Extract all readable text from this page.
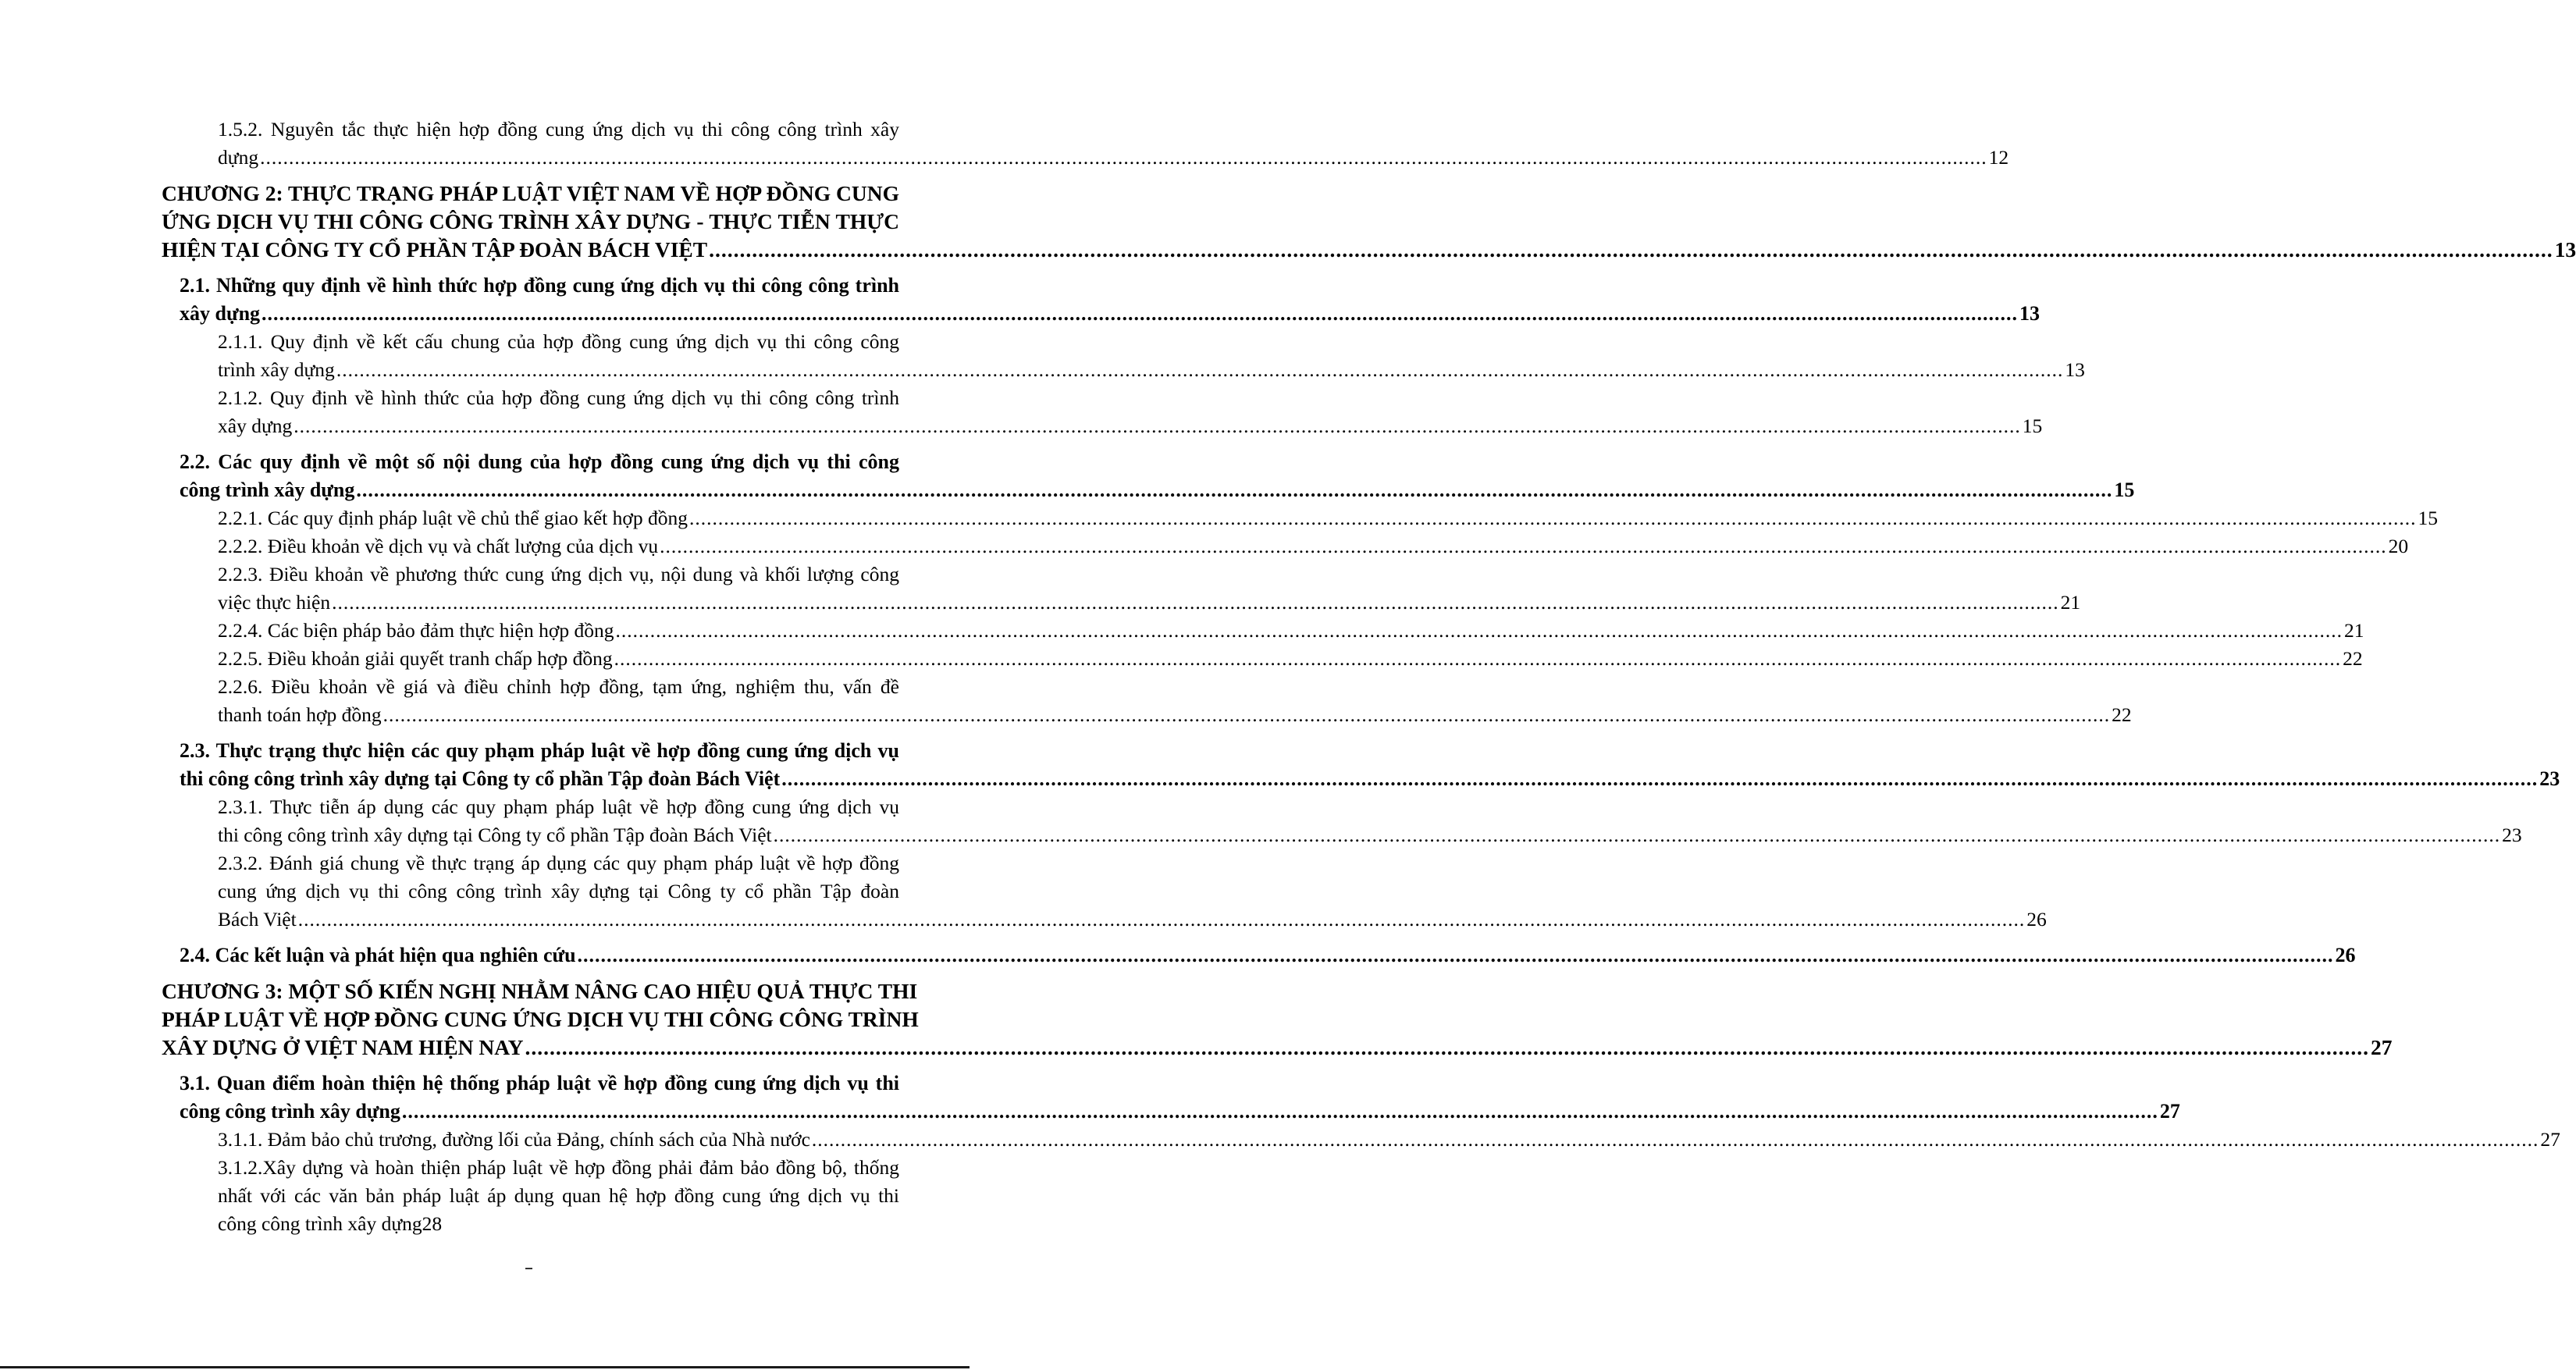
1.5.2. Nguyên tắc thực hiện hợp đồng cung ứng dịch vụ thi công công trình xây
dựng ............................................................................................................................................................................................................................................................................................................ 12
CHƯƠNG 2: THỰC TRẠNG PHÁP LUẬT VIỆT NAM VỀ HỢP ĐỒNG CUNG
ỨNG DỊCH VỤ THI CÔNG CÔNG TRÌNH XÂY DỰNG - THỰC TIỄN THỰC
HIỆN TẠI CÔNG TY CỔ PHẦN TẬP ĐOÀN BÁCH VIỆT ............................................................................................................................................................................................................................................................................................................ 13
2.1. Những quy định về hình thức hợp đồng cung ứng dịch vụ thi công công trình
xây dựng ............................................................................................................................................................................................................................................................................................................ 13
2.1.1. Quy định về kết cấu chung của hợp đồng cung ứng dịch vụ thi công công
trình xây dựng ............................................................................................................................................................................................................................................................................................................ 13
2.1.2. Quy định về hình thức của hợp đồng cung ứng dịch vụ thi công công trình
xây dựng ............................................................................................................................................................................................................................................................................................................ 15
2.2. Các quy định về một số nội dung của hợp đồng cung ứng dịch vụ thi công
công trình xây dựng ............................................................................................................................................................................................................................................................................................................ 15
2.2.1. Các quy định pháp luật về chủ thể giao kết hợp đồng ............................................................................................................................................................................................................................................................................................................ 15
2.2.2. Điều khoản về dịch vụ và chất lượng của dịch vụ ............................................................................................................................................................................................................................................................................................................ 20
2.2.3. Điều khoản về phương thức cung ứng dịch vụ, nội dung và khối lượng công
việc thực hiện ............................................................................................................................................................................................................................................................................................................ 21
2.2.4. Các biện pháp bảo đảm thực hiện hợp đồng ............................................................................................................................................................................................................................................................................................................ 21
2.2.5. Điều khoản giải quyết tranh chấp hợp đồng ............................................................................................................................................................................................................................................................................................................ 22
2.2.6. Điều khoản về giá và điều chỉnh hợp đồng, tạm ứng, nghiệm thu, vấn đề
thanh toán hợp đồng ............................................................................................................................................................................................................................................................................................................ 22
2.3. Thực trạng thực hiện các quy phạm pháp luật về hợp đồng cung ứng dịch vụ
thi công công trình xây dựng tại Công ty cổ phần Tập đoàn Bách Việt ............................................................................................................................................................................................................................................................................................................ 23
2.3.1. Thực tiễn áp dụng các quy phạm pháp luật về hợp đồng cung ứng dịch vụ
thi công công trình xây dựng tại Công ty cổ phần Tập đoàn Bách Việt ............................................................................................................................................................................................................................................................................................................ 23
2.3.2. Đánh giá chung về thực trạng áp dụng các quy phạm pháp luật về hợp đồng
cung ứng dịch vụ thi công công trình xây dựng tại Công ty cổ phần Tập đoàn
Bách Việt ............................................................................................................................................................................................................................................................................................................ 26
2.4. Các kết luận và phát hiện qua nghiên cứu ............................................................................................................................................................................................................................................................................................................ 26
CHƯƠNG 3: MỘT SỐ KIẾN NGHỊ NHẰM NÂNG CAO HIỆU QUẢ THỰC THI
PHÁP LUẬT VỀ HỢP ĐỒNG CUNG ỨNG DỊCH VỤ THI CÔNG CÔNG TRÌNH
XÂY DỰNG Ở VIỆT NAM HIỆN NAY ............................................................................................................................................................................................................................................................................................................ 27
3.1. Quan điểm hoàn thiện hệ thống pháp luật về hợp đồng cung ứng dịch vụ thi
công công trình xây dựng ............................................................................................................................................................................................................................................................................................................ 27
3.1.1. Đảm bảo chủ trương, đường lối của Đảng, chính sách của Nhà nước ............................................................................................................................................................................................................................................................................................................ 27
3.1.2.Xây dựng và hoàn thiện pháp luật về hợp đồng phải đảm bảo đồng bộ, thống
nhất với các văn bản pháp luật áp dụng quan hệ hợp đồng cung ứng dịch vụ thi
công công trình xây dựng28
